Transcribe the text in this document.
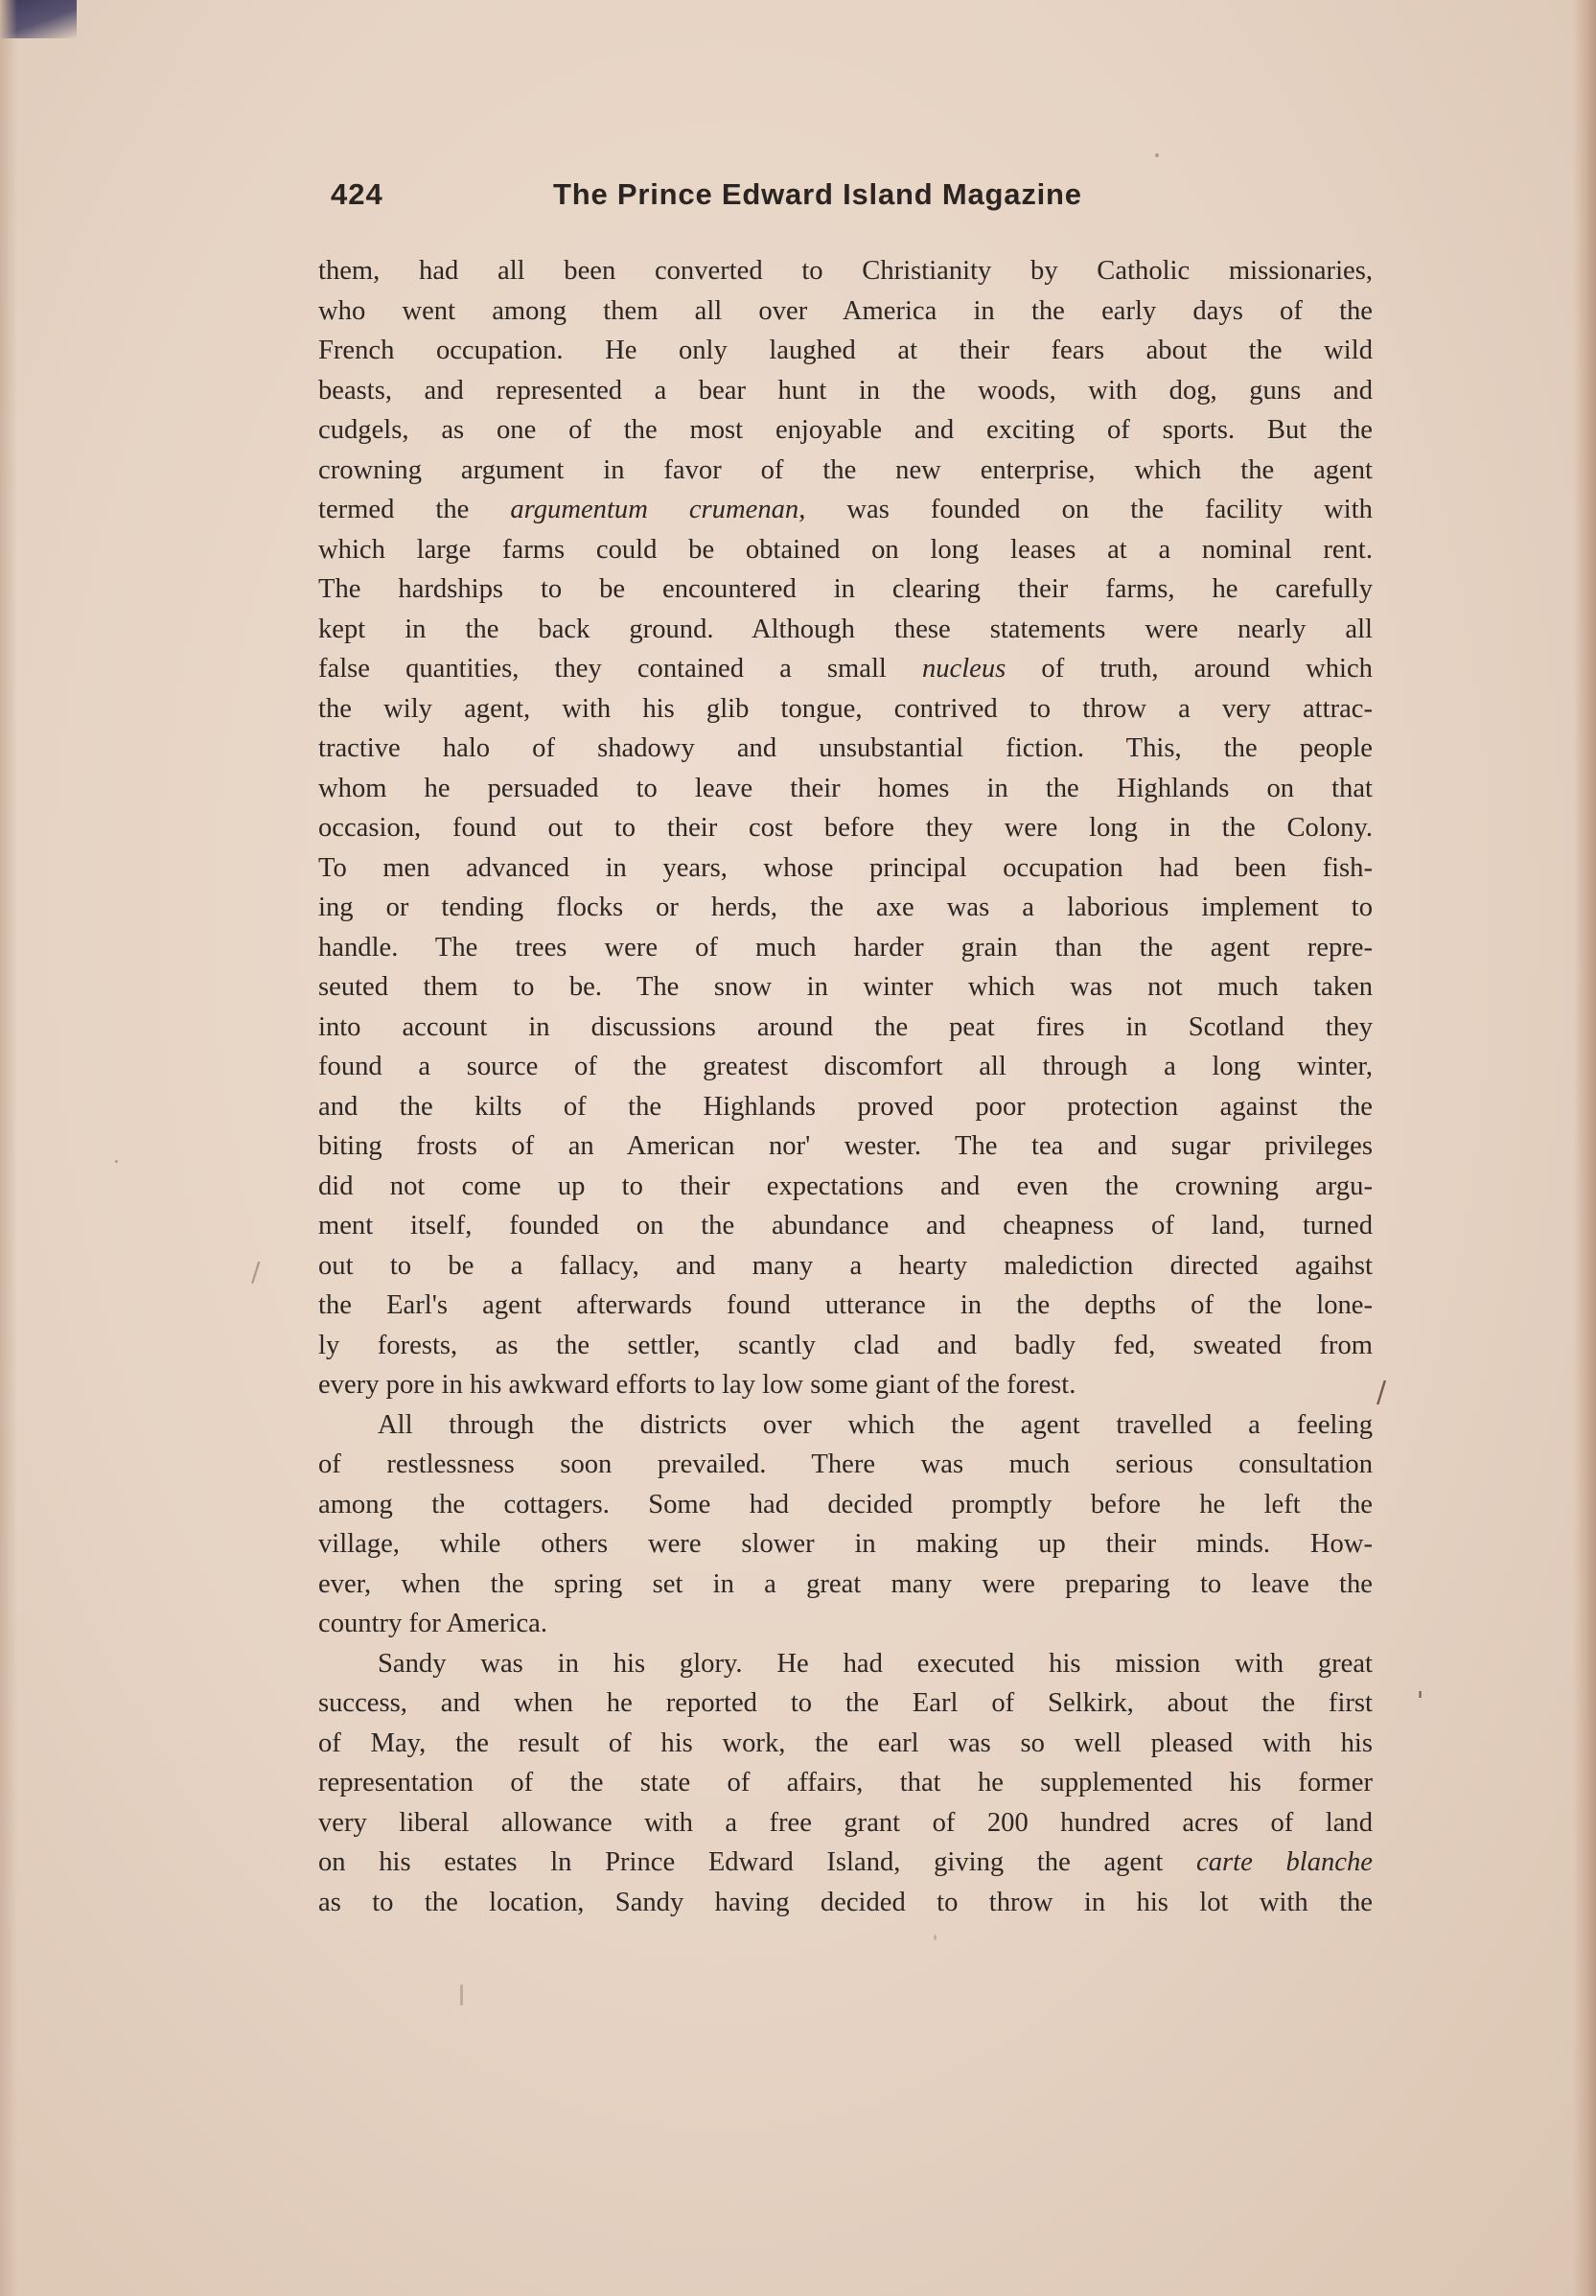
424	The Prince Edward Island Magazine
them, had all been converted to Christianity by Catholic missionaries,
who went among them all over America in the early days of the
French occupation. He only laughed at their fears about the wild
beasts, and represented a bear hunt in the woods, with dog, guns and
cudgels, as one of the most enjoyable and exciting of sports. But the
crowning argument in favor of the new enterprise, which the agent
termed the argumentum crumenan, was founded on the facility with
which large farms could be obtained on long leases at a nominal rent.
The hardships to be encountered in clearing their farms, he carefully
kept in the back ground. Although these statements were nearly all
false quantities, they contained a small nucleus of truth, around which
the wily agent, with his glib tongue, contrived to throw a very attrac-
tractive halo of shadowy and unsubstantial fiction. This, the people
whom he persuaded to leave their homes in the Highlands on that
occasion, found out to their cost before they were long in the Colony.
To men advanced in years, whose principal occupation had been fish-
ing or tending flocks or herds, the axe was a laborious implement to
handle. The trees were of much harder grain than the agent repre-
seuted them to be. The snow in winter which was not much taken
into account in discussions around the peat fires in Scotland they
found a source of the greatest discomfort all through a long winter,
and the kilts of the Highlands proved poor protection against the
biting frosts of an American nor' wester. The tea and sugar privileges
did not come up to their expectations and even the crowning argu-
ment itself, founded on the abundance and cheapness of land, turned
out to be a fallacy, and many a hearty malediction directed agaihst
the Earl's agent afterwards found utterance in the depths of the lone-
ly forests, as the settler, scantly clad and badly fed, sweated from
every pore in his awkward efforts to lay low some giant of the forest.
All through the districts over which the agent travelled a feeling
of restlessness soon prevailed. There was much serious consultation
among the cottagers. Some had decided promptly before he left the
village, while others were slower in making up their minds. How-
ever, when the spring set in a great many were preparing to leave the
country for America.
Sandy was in his glory. He had executed his mission with great
success, and when he reported to the Earl of Selkirk, about the first
of May, the result of his work, the earl was so well pleased with his
representation of the state of affairs, that he supplemented his former
very liberal allowance with a free grant of 200 hundred acres of land
on his estates ln Prince Edward Island, giving the agent carte blanche
as to the location, Sandy having decided to throw in his lot with the
/
'
/
